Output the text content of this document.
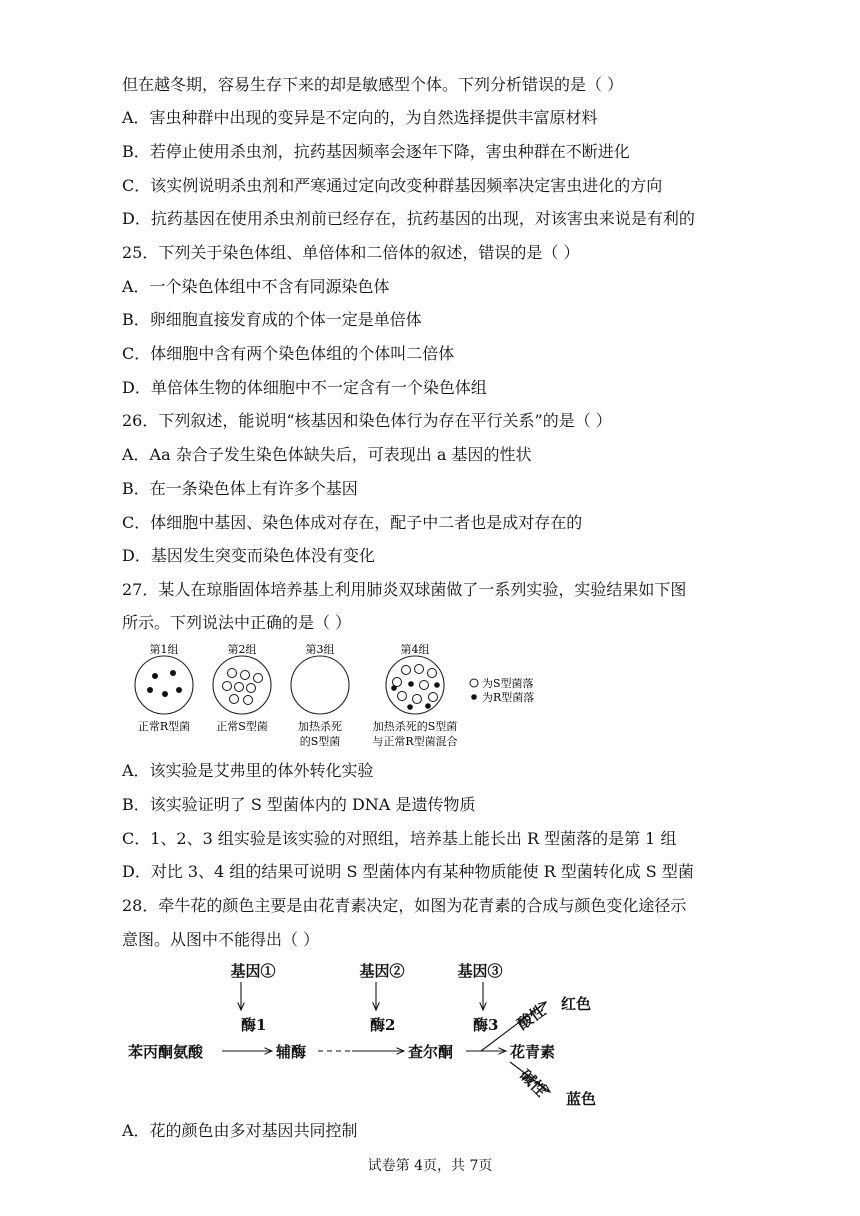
但在越冬期，容易生存下来的却是敏感型个体。下列分析错误的是（ ）
A．害虫种群中出现的变异是不定向的，为自然选择提供丰富原材料
B．若停止使用杀虫剂，抗药基因频率会逐年下降，害虫种群在不断进化
C．该实例说明杀虫剂和严寒通过定向改变种群基因频率决定害虫进化的方向
D．抗药基因在使用杀虫剂前已经存在，抗药基因的出现，对该害虫来说是有利的
25．下列关于染色体组、单倍体和二倍体的叙述，错误的是（ ）
A．一个染色体组中不含有同源染色体
B．卵细胞直接发育成的个体一定是单倍体
C．体细胞中含有两个染色体组的个体叫二倍体
D．单倍体生物的体细胞中不一定含有一个染色体组
26．下列叙述，能说明“核基因和染色体行为存在平行关系”的是（ ）
A．Aa 杂合子发生染色体缺失后，可表现出 a 基因的性状
B．在一条染色体上有许多个基因
C．体细胞中基因、染色体成对存在，配子中二者也是成对存在的
D．基因发生突变而染色体没有变化
27．某人在琼脂固体培养基上利用肺炎双球菌做了一系列实验，实验结果如下图
所示。下列说法中正确的是（ ）
第1组	第2组	第3组	第4组
为S型菌落
为R型菌落
正常R型菌 正常S型菌	加热杀死
的S型菌
加热杀死的S型菌
与正常R型菌混合
A．该实验是艾弗里的体外转化实验
B．该实验证明了 S 型菌体内的 DNA 是遗传物质
C．1、2、3 组实验是该实验的对照组，培养基上能长出 R 型菌落的是第 1 组
D．对比 3、4 组的结果可说明 S 型菌体内有某种物质能使 R 型菌转化成 S 型菌
28．牵牛花的颜色主要是由花青素决定，如图为花青素的合成与颜色变化途径示
意图。从图中不能得出（ ）
基因①	基因②	基因③
酶1	酶2	酶3
苯丙酮氨酸	辅酶	查尔酮	花青素
红色
蓝色
酸性
碱性
A．花的颜色由多对基因共同控制
试卷第 4页，共 7页
